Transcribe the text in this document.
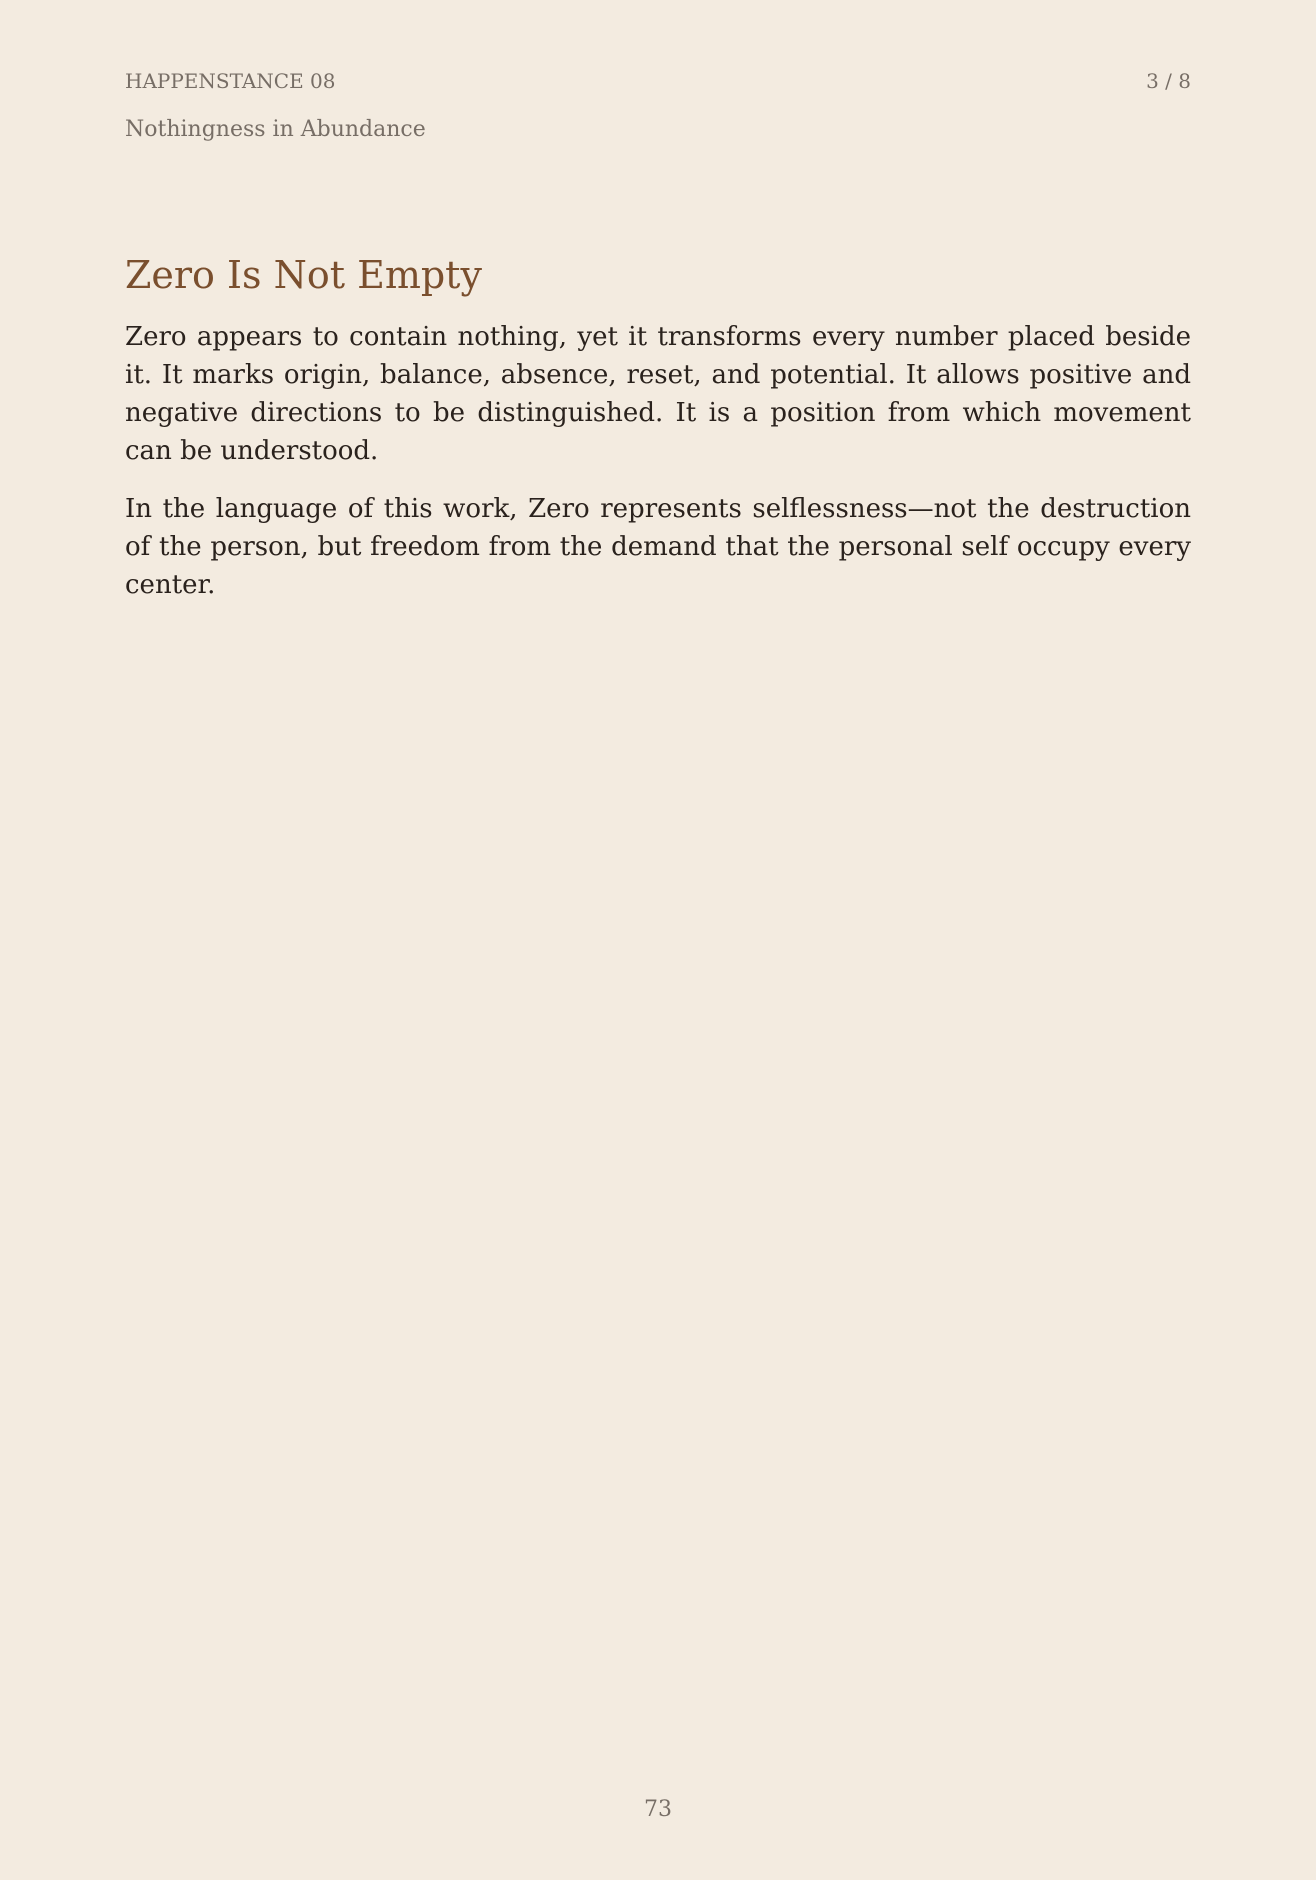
HAPPENSTANCE 08	3 / 8
Nothingness in Abundance
Zero Is Not Empty

Zero appears to contain nothing, yet it transforms every number placed beside it. It marks origin, balance, absence, reset, and potential. It allows positive and negative directions to be distinguished. It is a position from which movement can be understood.

In the language of this work, Zero represents selflessness—not the destruction of the person, but freedom from the demand that the personal self occupy every center.

73
